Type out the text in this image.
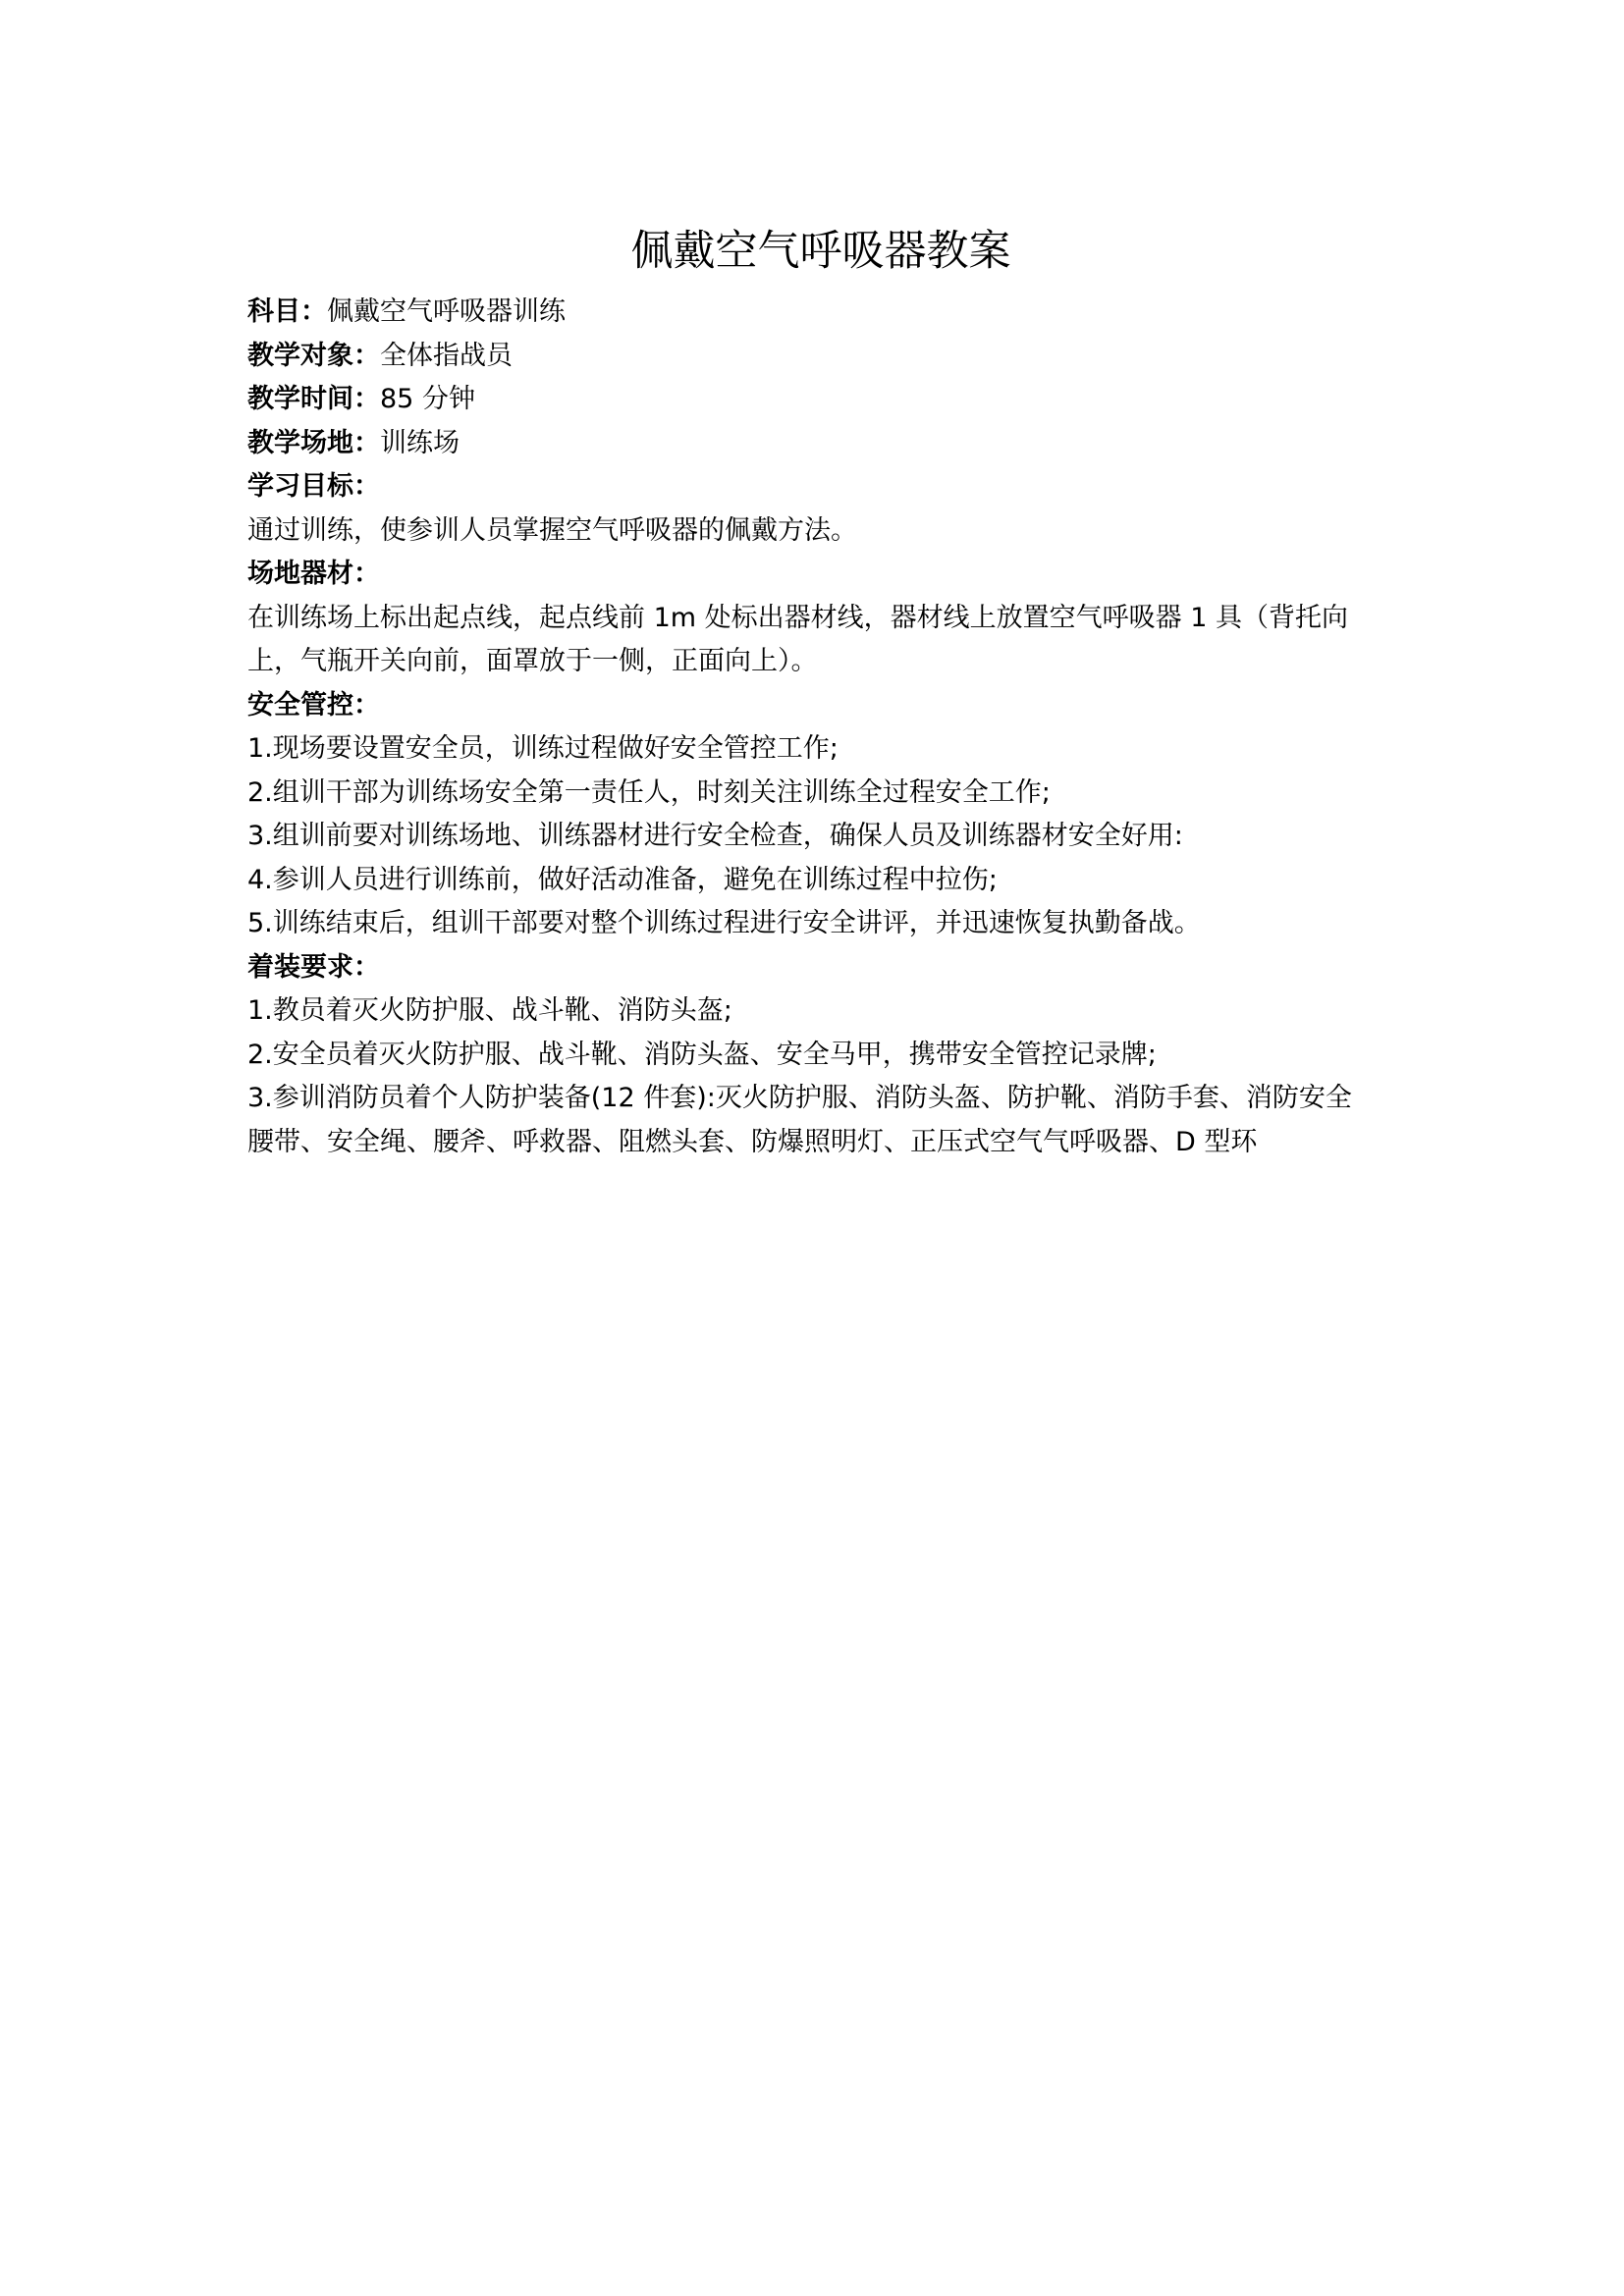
佩戴空气呼吸器教案
科目：佩戴空气呼吸器训练
教学对象：全体指战员
教学时间：85 分钟
教学场地：训练场
学习目标：
通过训练，使参训人员掌握空气呼吸器的佩戴方法。
场地器材：
在训练场上标出起点线，起点线前 1m 处标出器材线，器材线上放置空气呼吸器 1 具（背托向
上，气瓶开关向前，面罩放于一侧，正面向上）。
安全管控：
1.现场要设置安全员，训练过程做好安全管控工作;
2.组训干部为训练场安全第一责任人，时刻关注训练全过程安全工作;
3.组训前要对训练场地、训练器材进行安全检查，确保人员及训练器材安全好用:
4.参训人员进行训练前，做好活动准备，避免在训练过程中拉伤;
5.训练结束后，组训干部要对整个训练过程进行安全讲评，并迅速恢复执勤备战。
着装要求：
1.教员着灭火防护服、战斗靴、消防头盔;
2.安全员着灭火防护服、战斗靴、消防头盔、安全马甲，携带安全管控记录牌;
3.参训消防员着个人防护装备(12 件套):灭火防护服、消防头盔、防护靴、消防手套、消防安全
腰带、安全绳、腰斧、呼救器、阻燃头套、防爆照明灯、正压式空气气呼吸器、D 型环
